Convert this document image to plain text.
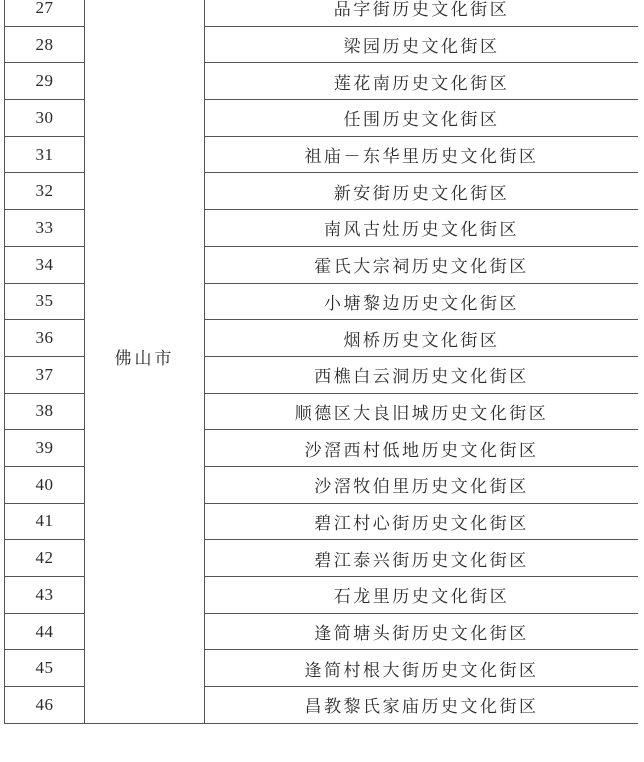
27	佛山市	品字街历史文化街区
28		梁园历史文化街区
29		莲花南历史文化街区
30		任围历史文化街区
31		祖庙－东华里历史文化街区
32		新安街历史文化街区
33		南风古灶历史文化街区
34		霍氏大宗祠历史文化街区
35		小塘黎边历史文化街区
36		烟桥历史文化街区
37		西樵白云洞历史文化街区
38		顺德区大良旧城历史文化街区
39		沙滘西村低地历史文化街区
40		沙滘牧伯里历史文化街区
41		碧江村心街历史文化街区
42		碧江泰兴街历史文化街区
43		石龙里历史文化街区
44		逢简塘头街历史文化街区
45		逢简村根大街历史文化街区
46		昌教黎氏家庙历史文化街区
